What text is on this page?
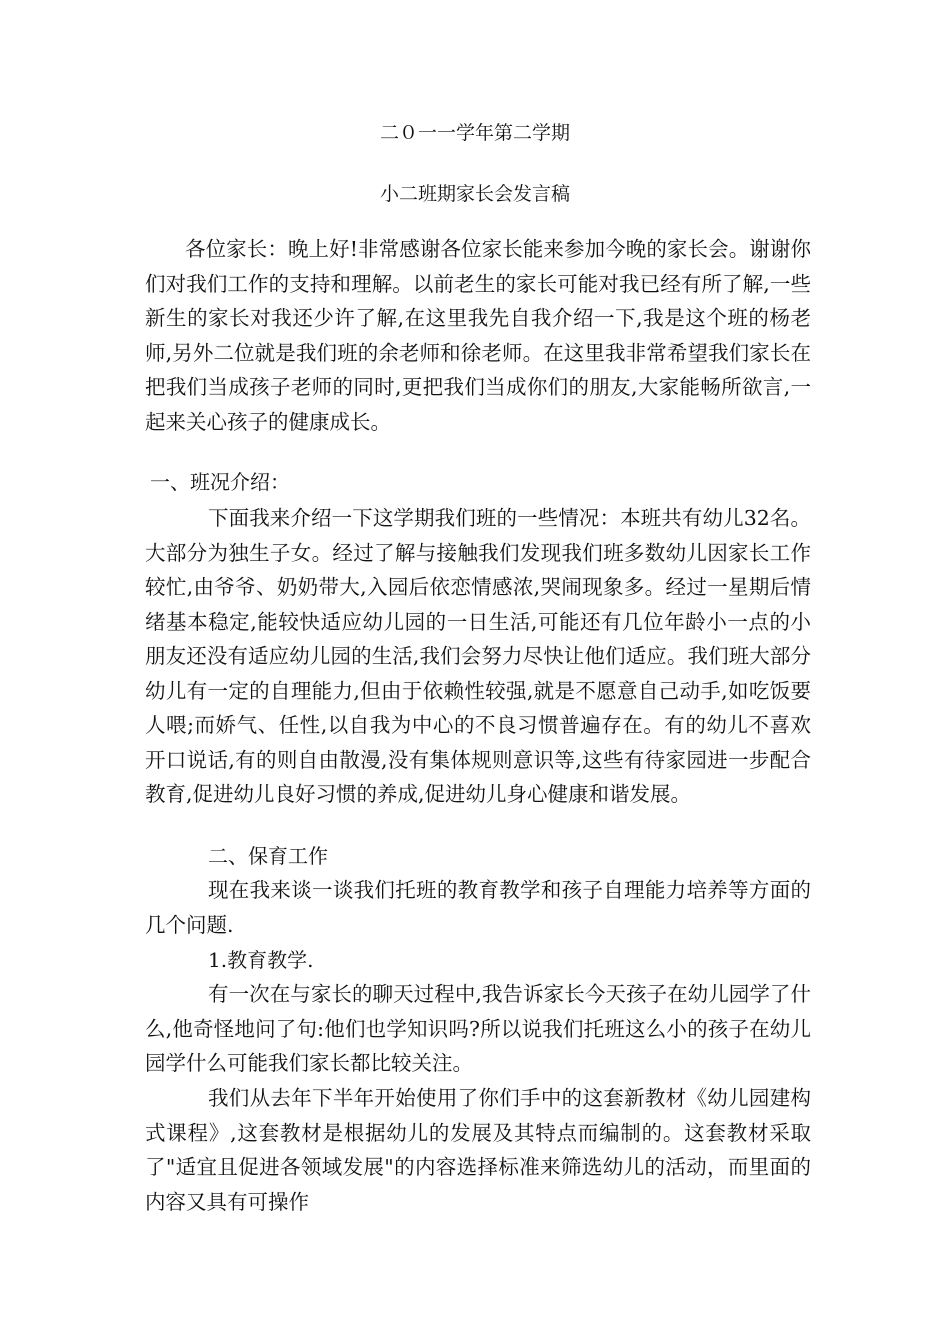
二０一一学年第二学期
小二班期家长会发言稿

各位家长：晚上好!非常感谢各位家长能来参加今晚的家长会。谢谢你们对我们工作的支持和理解。以前老生的家长可能对我已经有所了解,一些新生的家长对我还少许了解,在这里我先自我介绍一下,我是这个班的杨老师,另外二位就是我们班的余老师和徐老师。在这里我非常希望我们家长在把我们当成孩子老师的同时,更把我们当成你们的朋友,大家能畅所欲言,一起来关心孩子的健康成长。

一、班况介绍：

下面我来介绍一下这学期我们班的一些情况：本班共有幼儿32名。大部分为独生子女。经过了解与接触我们发现我们班多数幼儿因家长工作较忙,由爷爷、奶奶带大,入园后依恋情感浓,哭闹现象多。经过一星期后情绪基本稳定,能较快适应幼儿园的一日生活,可能还有几位年龄小一点的小朋友还没有适应幼儿园的生活,我们会努力尽快让他们适应。我们班大部分幼儿有一定的自理能力,但由于依赖性较强,就是不愿意自己动手,如吃饭要人喂;而娇气、任性,以自我为中心的不良习惯普遍存在。有的幼儿不喜欢开口说话,有的则自由散漫,没有集体规则意识等,这些有待家园进一步配合教育,促进幼儿良好习惯的养成,促进幼儿身心健康和谐发展。

二、保育工作

现在我来谈一谈我们托班的教育教学和孩子自理能力培养等方面的几个问题.

1.教育教学.

有一次在与家长的聊天过程中,我告诉家长今天孩子在幼儿园学了什么,他奇怪地问了句:他们也学知识吗?所以说我们托班这么小的孩子在幼儿园学什么可能我们家长都比较关注。

我们从去年下半年开始使用了你们手中的这套新教材《幼儿园建构式课程》,这套教材是根据幼儿的发展及其特点而编制的。这套教材采取了"适宜且促进各领域发展"的内容选择标准来筛选幼儿的活动，而里面的内容又具有可操作
